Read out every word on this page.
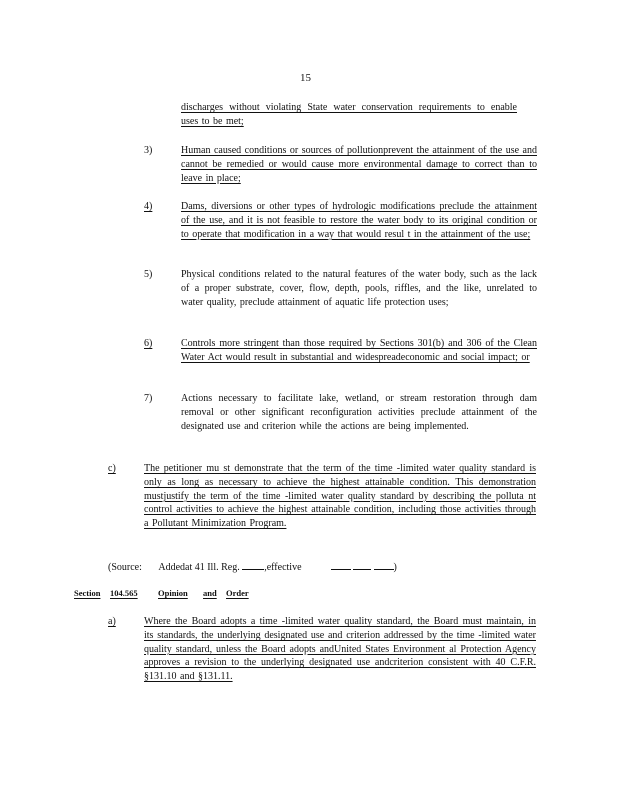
15
discharges without violating State water conservation requirements to enable uses to be met;
3)	Human caused conditions or sources of pollutionprevent the attainment of the use and cannot be remedied or would cause more environmental damage to correct than to leave in place;
4)	Dams, diversions or other types of hydrologic modifications preclude the attainment of the use, and it is not feasible to restore the water body to its original condition or to operate that modification in a way that would resul t in the attainment of the use;
5)	Physical conditions related to the natural features of the water body, such as the lack of a proper substrate, cover, flow, depth, pools, riffles, and the like, unrelated to water quality, preclude attainment of aquatic life protection uses;
6)	Controls more stringent than those required by Sections 301(b) and 306 of the Clean Water Act would result in substantial and widespreadeconomic and social impact; or
7)	Actions necessary to facilitate lake, wetland, or stream restoration through dam removal or other significant reconfiguration activities preclude attainment of the designated use and criterion while the actions are being implemented.
c)	The petitioner mu st demonstrate that the term of the time -limited water quality standard is only as long as necessary to achieve the highest attainable condition. This demonstration mustjustify the term of the time -limited water quality standard by describing the polluta nt control activities to achieve the highest attainable condition, including those activities through a Pollutant Minimization Program.
(Source: Addedat 41 Ill. Reg. ,effective	)
Section 104.565 Opinion and Order
a)	Where the Board adopts a time -limited water quality standard, the Board must maintain, in its standards, the underlying designated use and criterion addressed by the time -limited water quality standard, unless the Board adopts andUnited States Environment al Protection Agency approves a revision to the underlying designated use andcriterion consistent with 40 C.F.R. §131.10 and §131.11.
